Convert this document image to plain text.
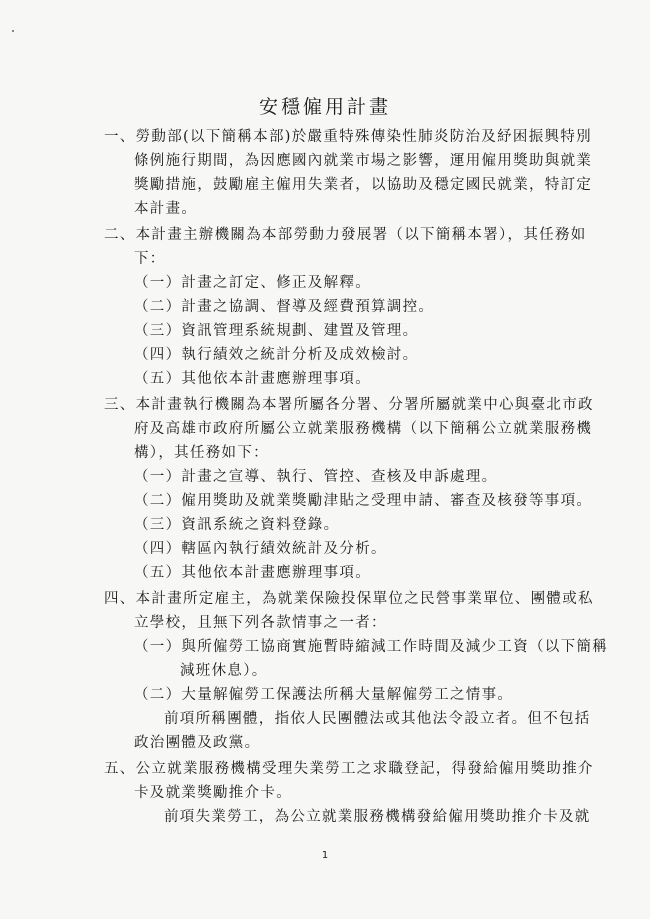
安穩僱用計畫
一、勞動部(以下簡稱本部)於嚴重特殊傳染性肺炎防治及紓困振興特別
條例施行期間，為因應國內就業市場之影響，運用僱用獎助與就業
獎勵措施，鼓勵雇主僱用失業者，以協助及穩定國民就業，特訂定
本計畫。
二、本計畫主辦機關為本部勞動力發展署（以下簡稱本署），其任務如
下：
（一）計畫之訂定、修正及解釋。
（二）計畫之協調、督導及經費預算調控。
（三）資訊管理系統規劃、建置及管理。
（四）執行績效之統計分析及成效檢討。
（五）其他依本計畫應辦理事項。
三、本計畫執行機關為本署所屬各分署、分署所屬就業中心與臺北市政
府及高雄市政府所屬公立就業服務機構（以下簡稱公立就業服務機
構），其任務如下：
（一）計畫之宣導、執行、管控、查核及申訴處理。
（二）僱用獎助及就業獎勵津貼之受理申請、審查及核發等事項。
（三）資訊系統之資料登錄。
（四）轄區內執行績效統計及分析。
（五）其他依本計畫應辦理事項。
四、本計畫所定雇主，為就業保險投保單位之民營事業單位、團體或私
立學校，且無下列各款情事之一者：
（一）與所僱勞工協商實施暫時縮減工作時間及減少工資（以下簡稱
減班休息）。
（二）大量解僱勞工保護法所稱大量解僱勞工之情事。
前項所稱團體，指依人民團體法或其他法令設立者。但不包括
政治團體及政黨。
五、公立就業服務機構受理失業勞工之求職登記，得發給僱用獎助推介
卡及就業獎勵推介卡。
前項失業勞工，為公立就業服務機構發給僱用獎助推介卡及就
1
